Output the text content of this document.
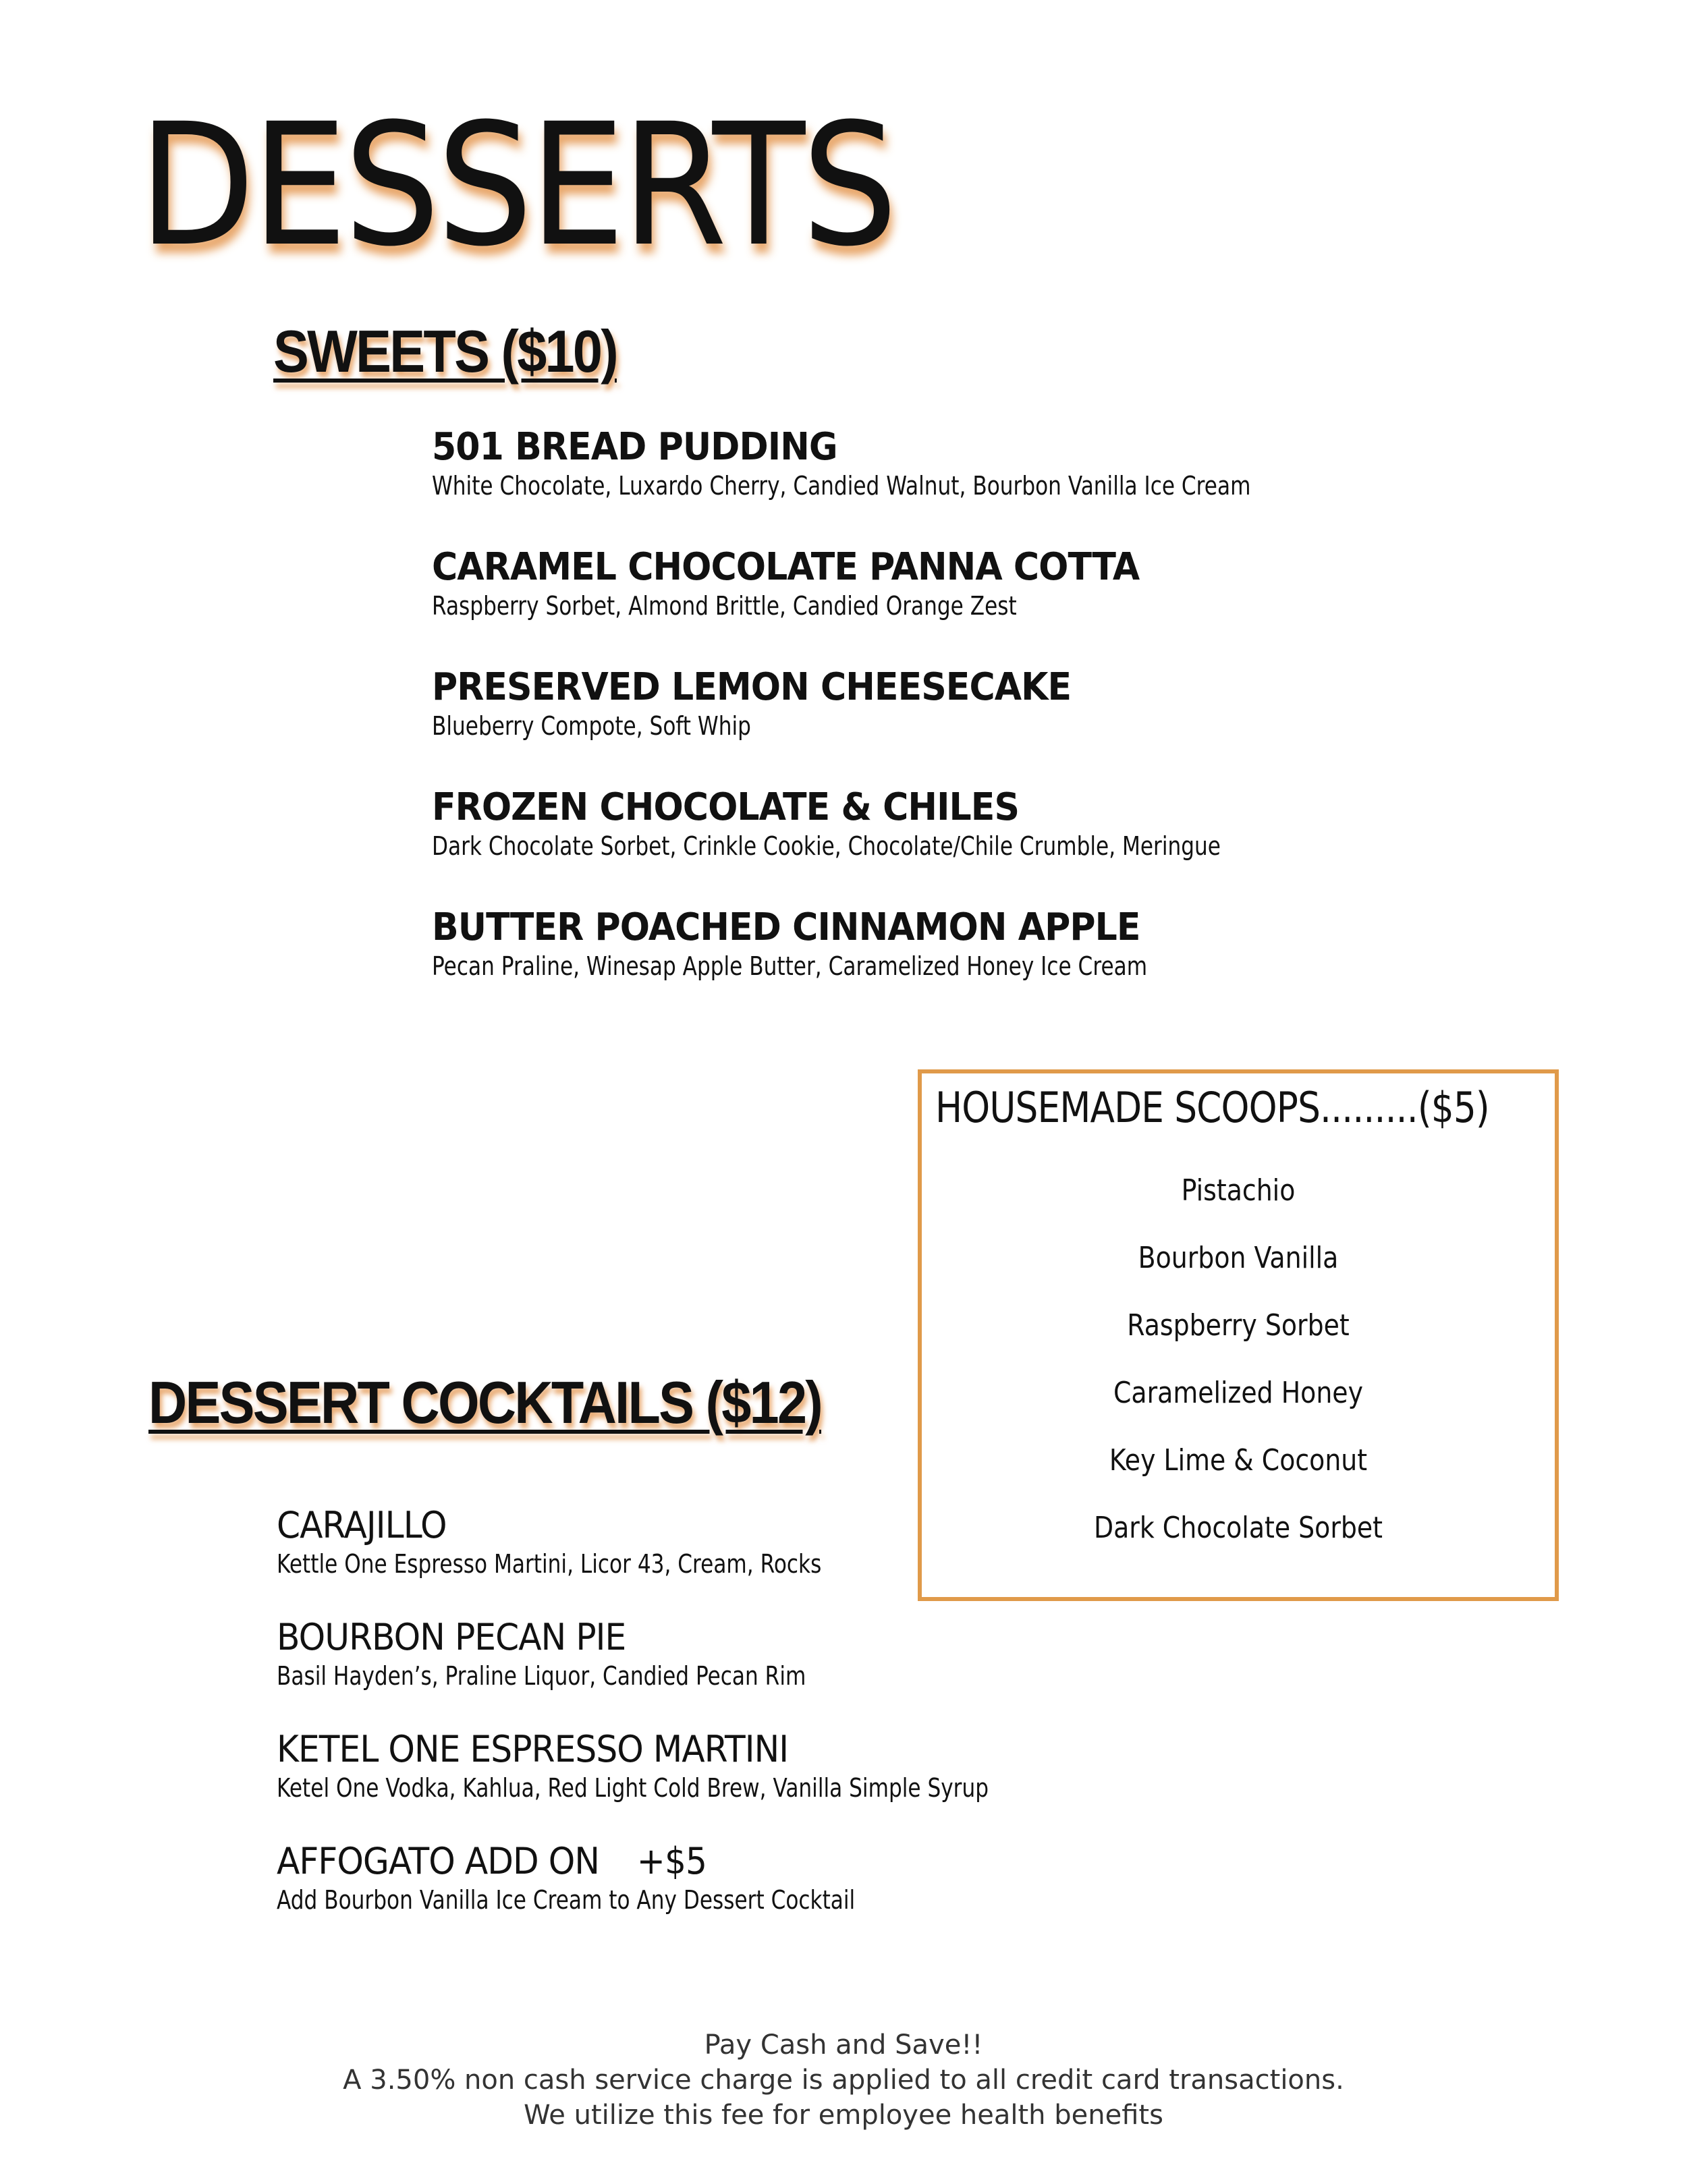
DESSERTS
SWEETS ($10)
501 BREAD PUDDING
White Chocolate, Luxardo Cherry, Candied Walnut, Bourbon Vanilla Ice Cream
CARAMEL CHOCOLATE PANNA COTTA
Raspberry Sorbet, Almond Brittle, Candied Orange Zest
PRESERVED LEMON CHEESECAKE
Blueberry Compote, Soft Whip
FROZEN CHOCOLATE & CHILES
Dark Chocolate Sorbet, Crinkle Cookie, Chocolate/Chile Crumble, Meringue
BUTTER POACHED CINNAMON APPLE
Pecan Praline, Winesap Apple Butter, Caramelized Honey Ice Cream
HOUSEMADE SCOOPS.........($5)
Pistachio
Bourbon Vanilla
Raspberry Sorbet
Caramelized Honey
Key Lime & Coconut
Dark Chocolate Sorbet
DESSERT COCKTAILS ($12)
CARAJILLO
Kettle One Espresso Martini, Licor 43, Cream, Rocks
BOURBON PECAN PIE
Basil Hayden’s, Praline Liquor, Candied Pecan Rim
KETEL ONE ESPRESSO MARTINI
Ketel One Vodka, Kahlua, Red Light Cold Brew, Vanilla Simple Syrup
AFFOGATO ADD ON +$5
Add Bourbon Vanilla Ice Cream to Any Dessert Cocktail
Pay Cash and Save!!
A 3.50% non cash service charge is applied to all credit card transactions.
We utilize this fee for employee health benefits
